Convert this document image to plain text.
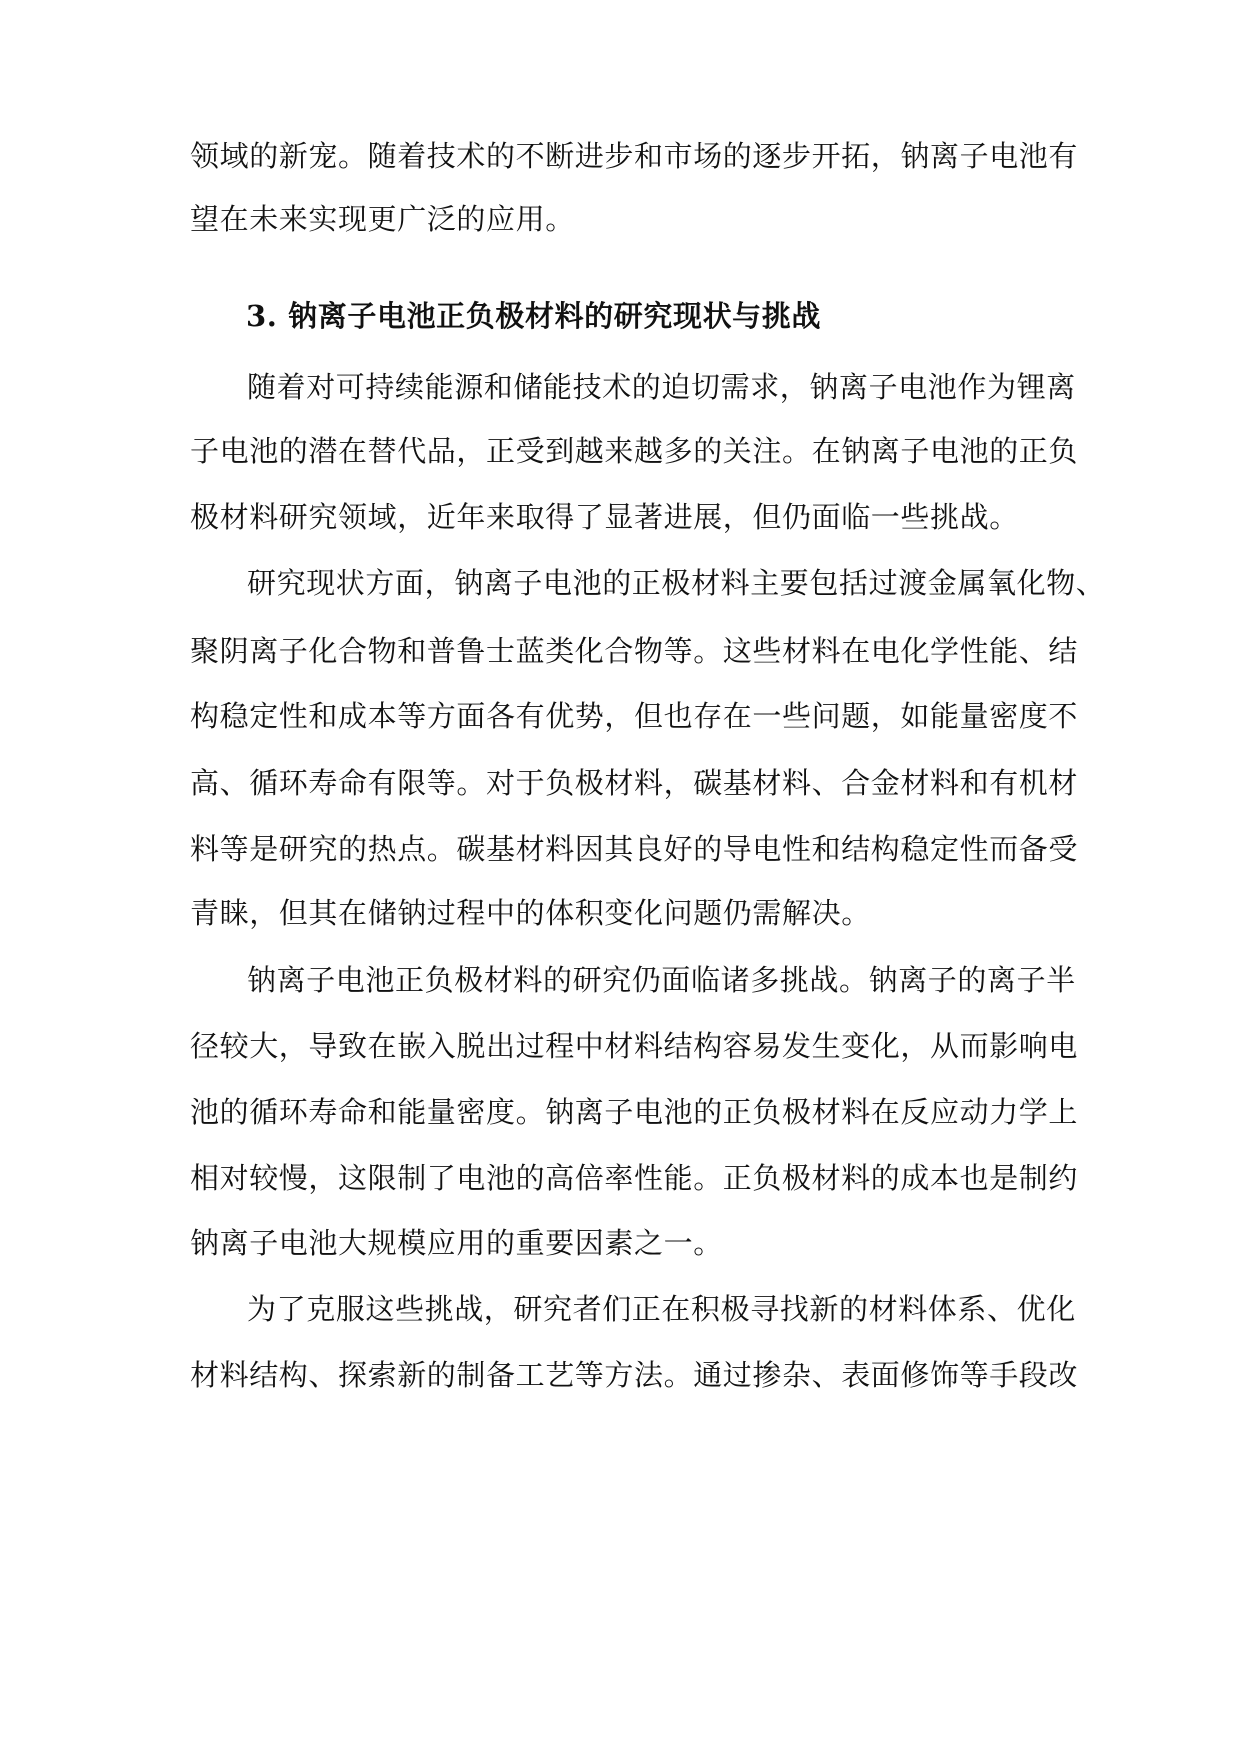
领域的新宠。随着技术的不断进步和市场的逐步开拓，钠离子电池有
望在未来实现更广泛的应用。
3. 钠离子电池正负极材料的研究现状与挑战
随着对可持续能源和储能技术的迫切需求，钠离子电池作为锂离
子电池的潜在替代品，正受到越来越多的关注。在钠离子电池的正负
极材料研究领域，近年来取得了显著进展，但仍面临一些挑战。
研究现状方面，钠离子电池的正极材料主要包括过渡金属氧化物、
聚阴离子化合物和普鲁士蓝类化合物等。这些材料在电化学性能、结
构稳定性和成本等方面各有优势，但也存在一些问题，如能量密度不
高、循环寿命有限等。对于负极材料，碳基材料、合金材料和有机材
料等是研究的热点。碳基材料因其良好的导电性和结构稳定性而备受
青睐，但其在储钠过程中的体积变化问题仍需解决。
钠离子电池正负极材料的研究仍面临诸多挑战。钠离子的离子半
径较大，导致在嵌入脱出过程中材料结构容易发生变化，从而影响电
池的循环寿命和能量密度。钠离子电池的正负极材料在反应动力学上
相对较慢，这限制了电池的高倍率性能。正负极材料的成本也是制约
钠离子电池大规模应用的重要因素之一。
为了克服这些挑战，研究者们正在积极寻找新的材料体系、优化
材料结构、探索新的制备工艺等方法。通过掺杂、表面修饰等手段改
